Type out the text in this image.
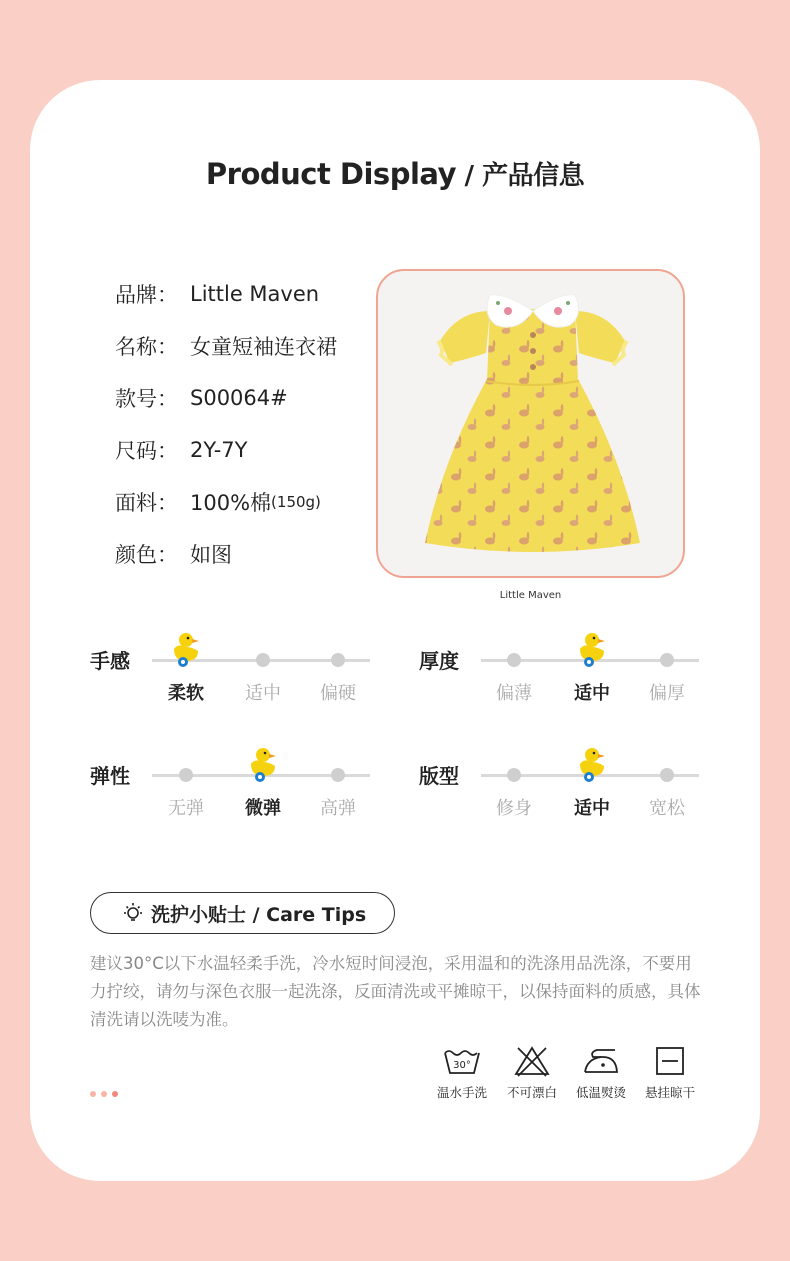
Product Display / 产品信息
品牌： Little Maven
名称： 女童短袖连衣裙
款号： S00064#
尺码： 2Y-7Y
面料： 100%棉 (150g)
颜色： 如图
Little Maven
手感
柔软	适中	偏硬
厚度
偏薄	适中	偏厚
弹性
无弹	微弹	高弹
版型
修身	适中	宽松
洗护小贴士 / Care Tips
建议30°C以下水温轻柔手洗，冷水短时间浸泡，采用温和的洗涤用品洗涤，不要用力拧绞，请勿与深色衣服一起洗涤，反面清洗或平摊晾干，以保持面料的质感，具体清洗请以洗唛为准。
30°
温水手洗	不可漂白	低温熨烫	悬挂晾干
